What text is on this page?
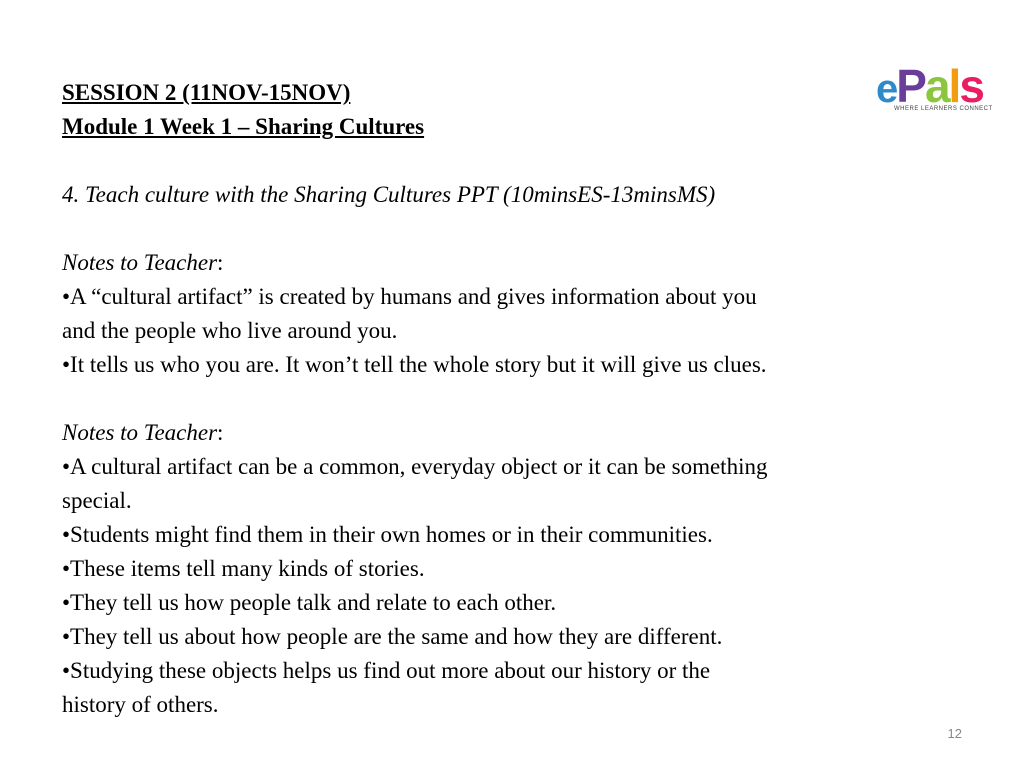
ePals
WHERE LEARNERS CONNECT
SESSION 2 (11NOV-15NOV)
Module 1 Week 1 – Sharing Cultures
4. Teach culture with the Sharing Cultures PPT (10minsES-13minsMS)
Notes to Teacher:
•A “cultural artifact” is created by humans and gives information about you
and the people who live around you.
•It tells us who you are. It won’t tell the whole story but it will give us clues.
Notes to Teacher:
•A cultural artifact can be a common, everyday object or it can be something
special.
•Students might find them in their own homes or in their communities.
•These items tell many kinds of stories.
•They tell us how people talk and relate to each other.
•They tell us about how people are the same and how they are different.
•Studying these objects helps us find out more about our history or the
history of others.
12
